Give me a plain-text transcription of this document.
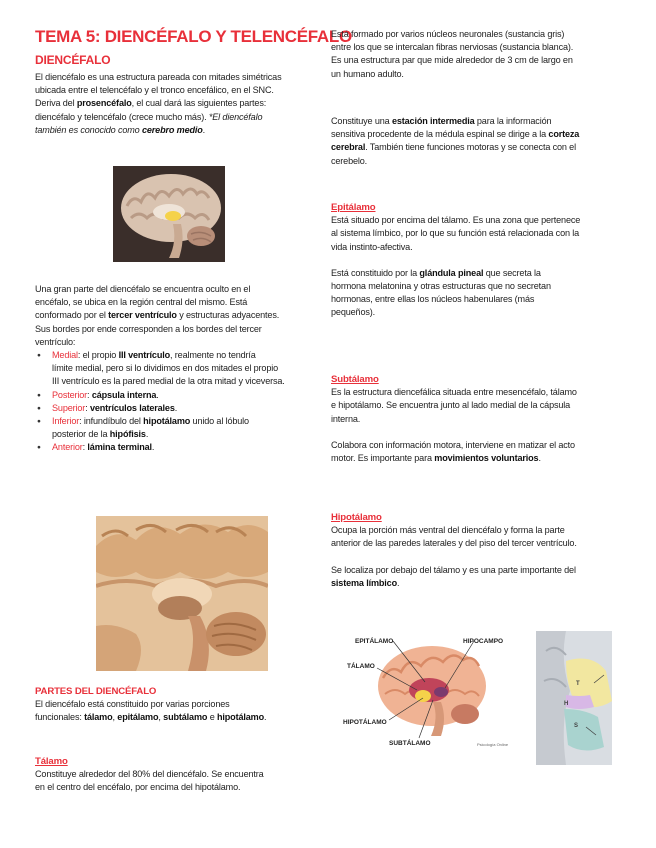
TEMA 5: DIENCÉFALO Y TELENCÉFALO
DIENCÉFALO

El diencéfalo es una estructura pareada con mitades simétricas

ubicada entre el telencéfalo y el tronco encefálico, en el SNC.

Deriva del prosencéfalo, el cual dará las siguientes partes:

diencéfalo y telencéfalo (crece mucho más). *El diencéfalo

también es conocido como cerebro medio.

Una gran parte del diencéfalo se encuentra oculto en el

encéfalo, se ubica en la región central del mismo. Está

conformado por el tercer ventrículo y estructuras adyacentes.

Sus bordes por ende corresponden a los bordes del tercer

ventrículo:

● Medial: el propio III ventrículo, realmente no tendría
límite medial, pero si lo dividimos en dos mitades el propio
III ventrículo es la pared medial de la otra mitad y viceversa.
● Posterior: cápsula interna.
● Superior: ventrículos laterales.
● Inferior: infundíbulo del hipotálamo unido al lóbulo
posterior de la hipófisis.
● Anterior: lámina terminal.
PARTES DEL DIENCÉFALO

El diencéfalo está constituido por varias porciones

funcionales: tálamo, epitálamo, subtálamo e hipotálamo.

Tálamo

Constituye alrededor del 80% del diencéfalo. Se encuentra

en el centro del encéfalo, por encima del hipotálamo.

Está formado por varios núcleos neuronales (sustancia gris)

entre los que se intercalan fibras nerviosas (sustancia blanca).

Es una estructura par que mide alrededor de 3 cm de largo en

un humano adulto.

Constituye una estación intermedia para la información

sensitiva procedente de la médula espinal se dirige a la corteza

cerebral. También tiene funciones motoras y se conecta con el

cerebelo.

Epitálamo

Está situado por encima del tálamo. Es una zona que pertenece

al sistema límbico, por lo que su función está relacionada con la

vida instinto-afectiva.

Está constituido por la glándula pineal que secreta la

hormona melatonina y otras estructuras que no secretan

hormonas, entre ellas los núcleos habenulares (más

pequeños).

Subtálamo

Es la estructura diencefálica situada entre mesencéfalo, tálamo

e hipotálamo. Se encuentra junto al lado medial de la cápsula

interna.

Colabora con información motora, interviene en matizar el acto

motor. Es importante para movimientos voluntarios.

Hipotálamo

Ocupa la porción más ventral del diencéfalo y forma la parte

anterior de las paredes laterales y del piso del tercer ventrículo.

Se localiza por debajo del tálamo y es una parte importante del

sistema límbico.

EPITÁLAMO	HIPOCAMPO
TÁLAMO
HIPOTÁLAMO
SUBTÁLAMO	Psicología Online
T
H
S
